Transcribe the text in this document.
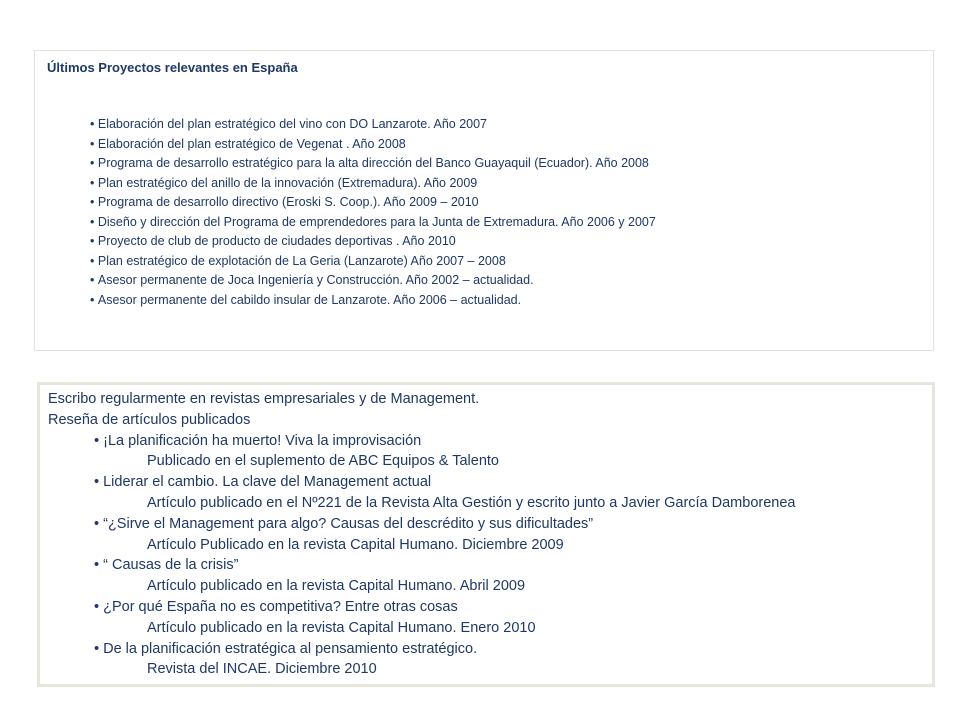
Últimos Proyectos relevantes en España
• Elaboración del plan estratégico del vino con DO Lanzarote. Año 2007
• Elaboración del plan estratégico de Vegenat . Año 2008
• Programa de desarrollo estratégico para la alta dirección del Banco Guayaquil (Ecuador). Año 2008
• Plan estratégico del anillo de la innovación (Extremadura). Año 2009
• Programa de desarrollo directivo (Eroski S. Coop.). Año 2009 – 2010
• Diseño y dirección del Programa de emprendedores para la Junta de Extremadura. Año 2006 y 2007
• Proyecto de club de producto de ciudades deportivas . Año 2010
• Plan estratégico de explotación de La Geria (Lanzarote) Año 2007 – 2008
• Asesor permanente de Joca Ingeniería y Construcción. Año 2002 – actualidad.
• Asesor permanente del cabildo insular de Lanzarote. Año 2006 – actualidad.
Escribo regularmente en revistas empresariales y de Management.
Reseña de artículos publicados
• ¡La planificación ha muerto! Viva la improvisación
Publicado en el suplemento de ABC Equipos & Talento
• Liderar el cambio. La clave del Management actual
Artículo publicado en el Nº221 de la Revista Alta Gestión y escrito junto a Javier García Damborenea
• “¿Sirve el Management para algo? Causas del descrédito y sus dificultades”
Artículo Publicado en la revista Capital Humano. Diciembre 2009
• “ Causas de la crisis”
Artículo publicado en la revista Capital Humano. Abril 2009
• ¿Por qué España no es competitiva? Entre otras cosas
Artículo publicado en la revista Capital Humano. Enero 2010
• De la planificación estratégica al pensamiento estratégico.
Revista del INCAE. Diciembre 2010
